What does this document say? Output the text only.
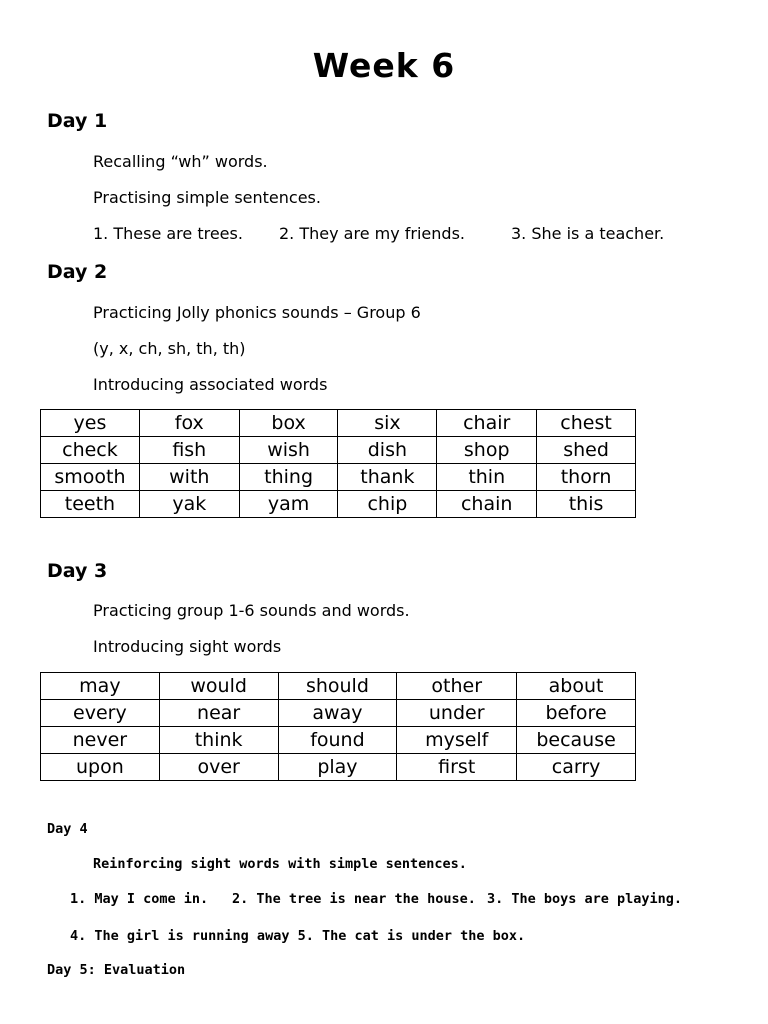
Week 6
Day 1
Recalling “wh” words.
Practising simple sentences.
1. These are trees. 2. They are my friends.	3. She is a teacher.
Day 2
Practicing Jolly phonics sounds – Group 6
(y, x, ch, sh, th, th)
Introducing associated words
yes	fox	box	six	chair	chest
check	fish	wish	dish	shop	shed
smooth	with	thing	thank	thin	thorn
teeth	yak	yam	chip	chain	this
Day 3
Practicing group 1-6 sounds and words.
Introducing sight words
may	would	should	other	about
every	near	away	under	before
never	think	found	myself	because
upon	over	play	first	carry
Day 4
Reinforcing sight words with simple sentences.
1. May I come in. 2. The tree is near the house. 3. The boys are playing.
4. The girl is running away 5. The cat is under the box.
Day 5: Evaluation
